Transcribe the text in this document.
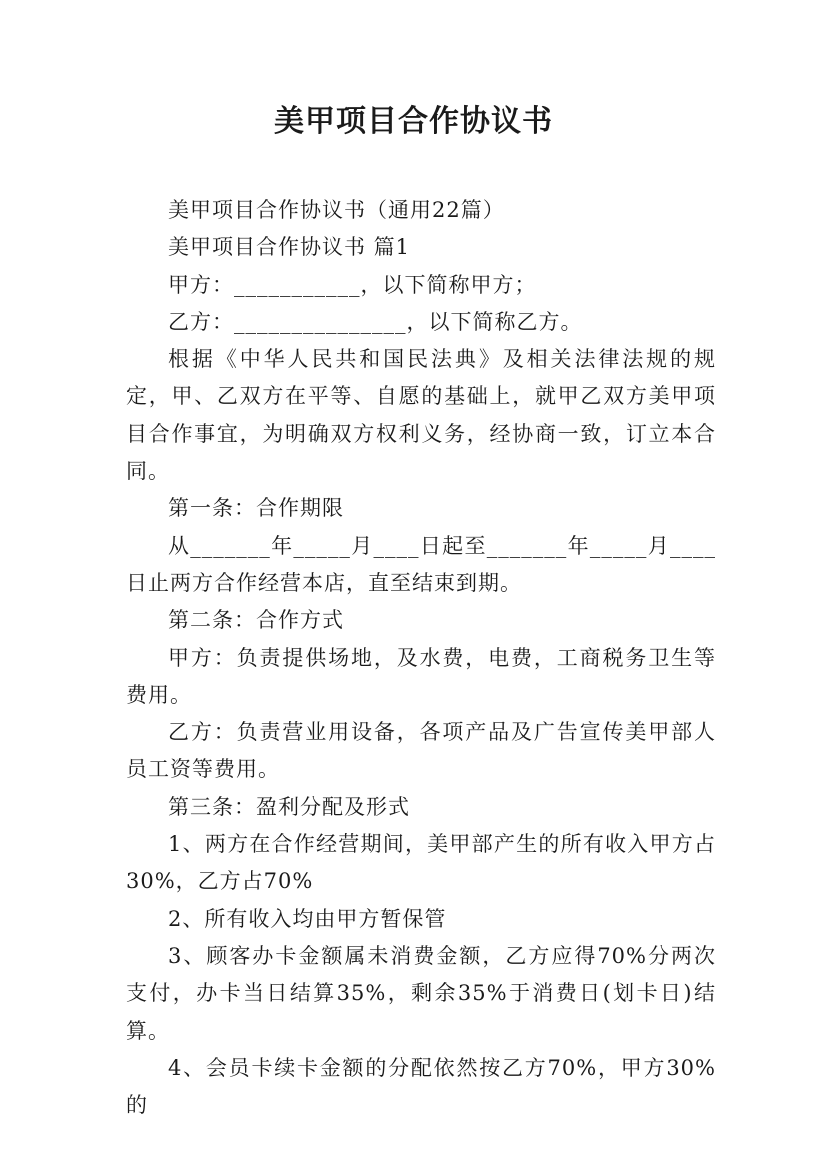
美甲项目合作协议书

美甲项目合作协议书（通用22篇）

美甲项目合作协议书 篇1

甲方：___________，以下简称甲方；

乙方：_______________，以下简称乙方。

根据《中华人民共和国民法典》及相关法律法规的规定，甲、乙双方在平等、自愿的基础上，就甲乙双方美甲项目合作事宜，为明确双方权利义务，经协商一致，订立本合同。

第一条：合作期限

从_______年_____月____日起至_______年_____月____日止两方合作经营本店，直至结束到期。

第二条：合作方式

甲方：负责提供场地，及水费，电费，工商税务卫生等费用。

乙方：负责营业用设备，各项产品及广告宣传美甲部人员工资等费用。

第三条：盈利分配及形式

1、两方在合作经营期间，美甲部产生的所有收入甲方占30%，乙方占70%

2、所有收入均由甲方暂保管

3、顾客办卡金额属未消费金额，乙方应得70%分两次支付，办卡当日结算35%，剩余35%于消费日(划卡日)结算。

4、会员卡续卡金额的分配依然按乙方70%，甲方30%的
